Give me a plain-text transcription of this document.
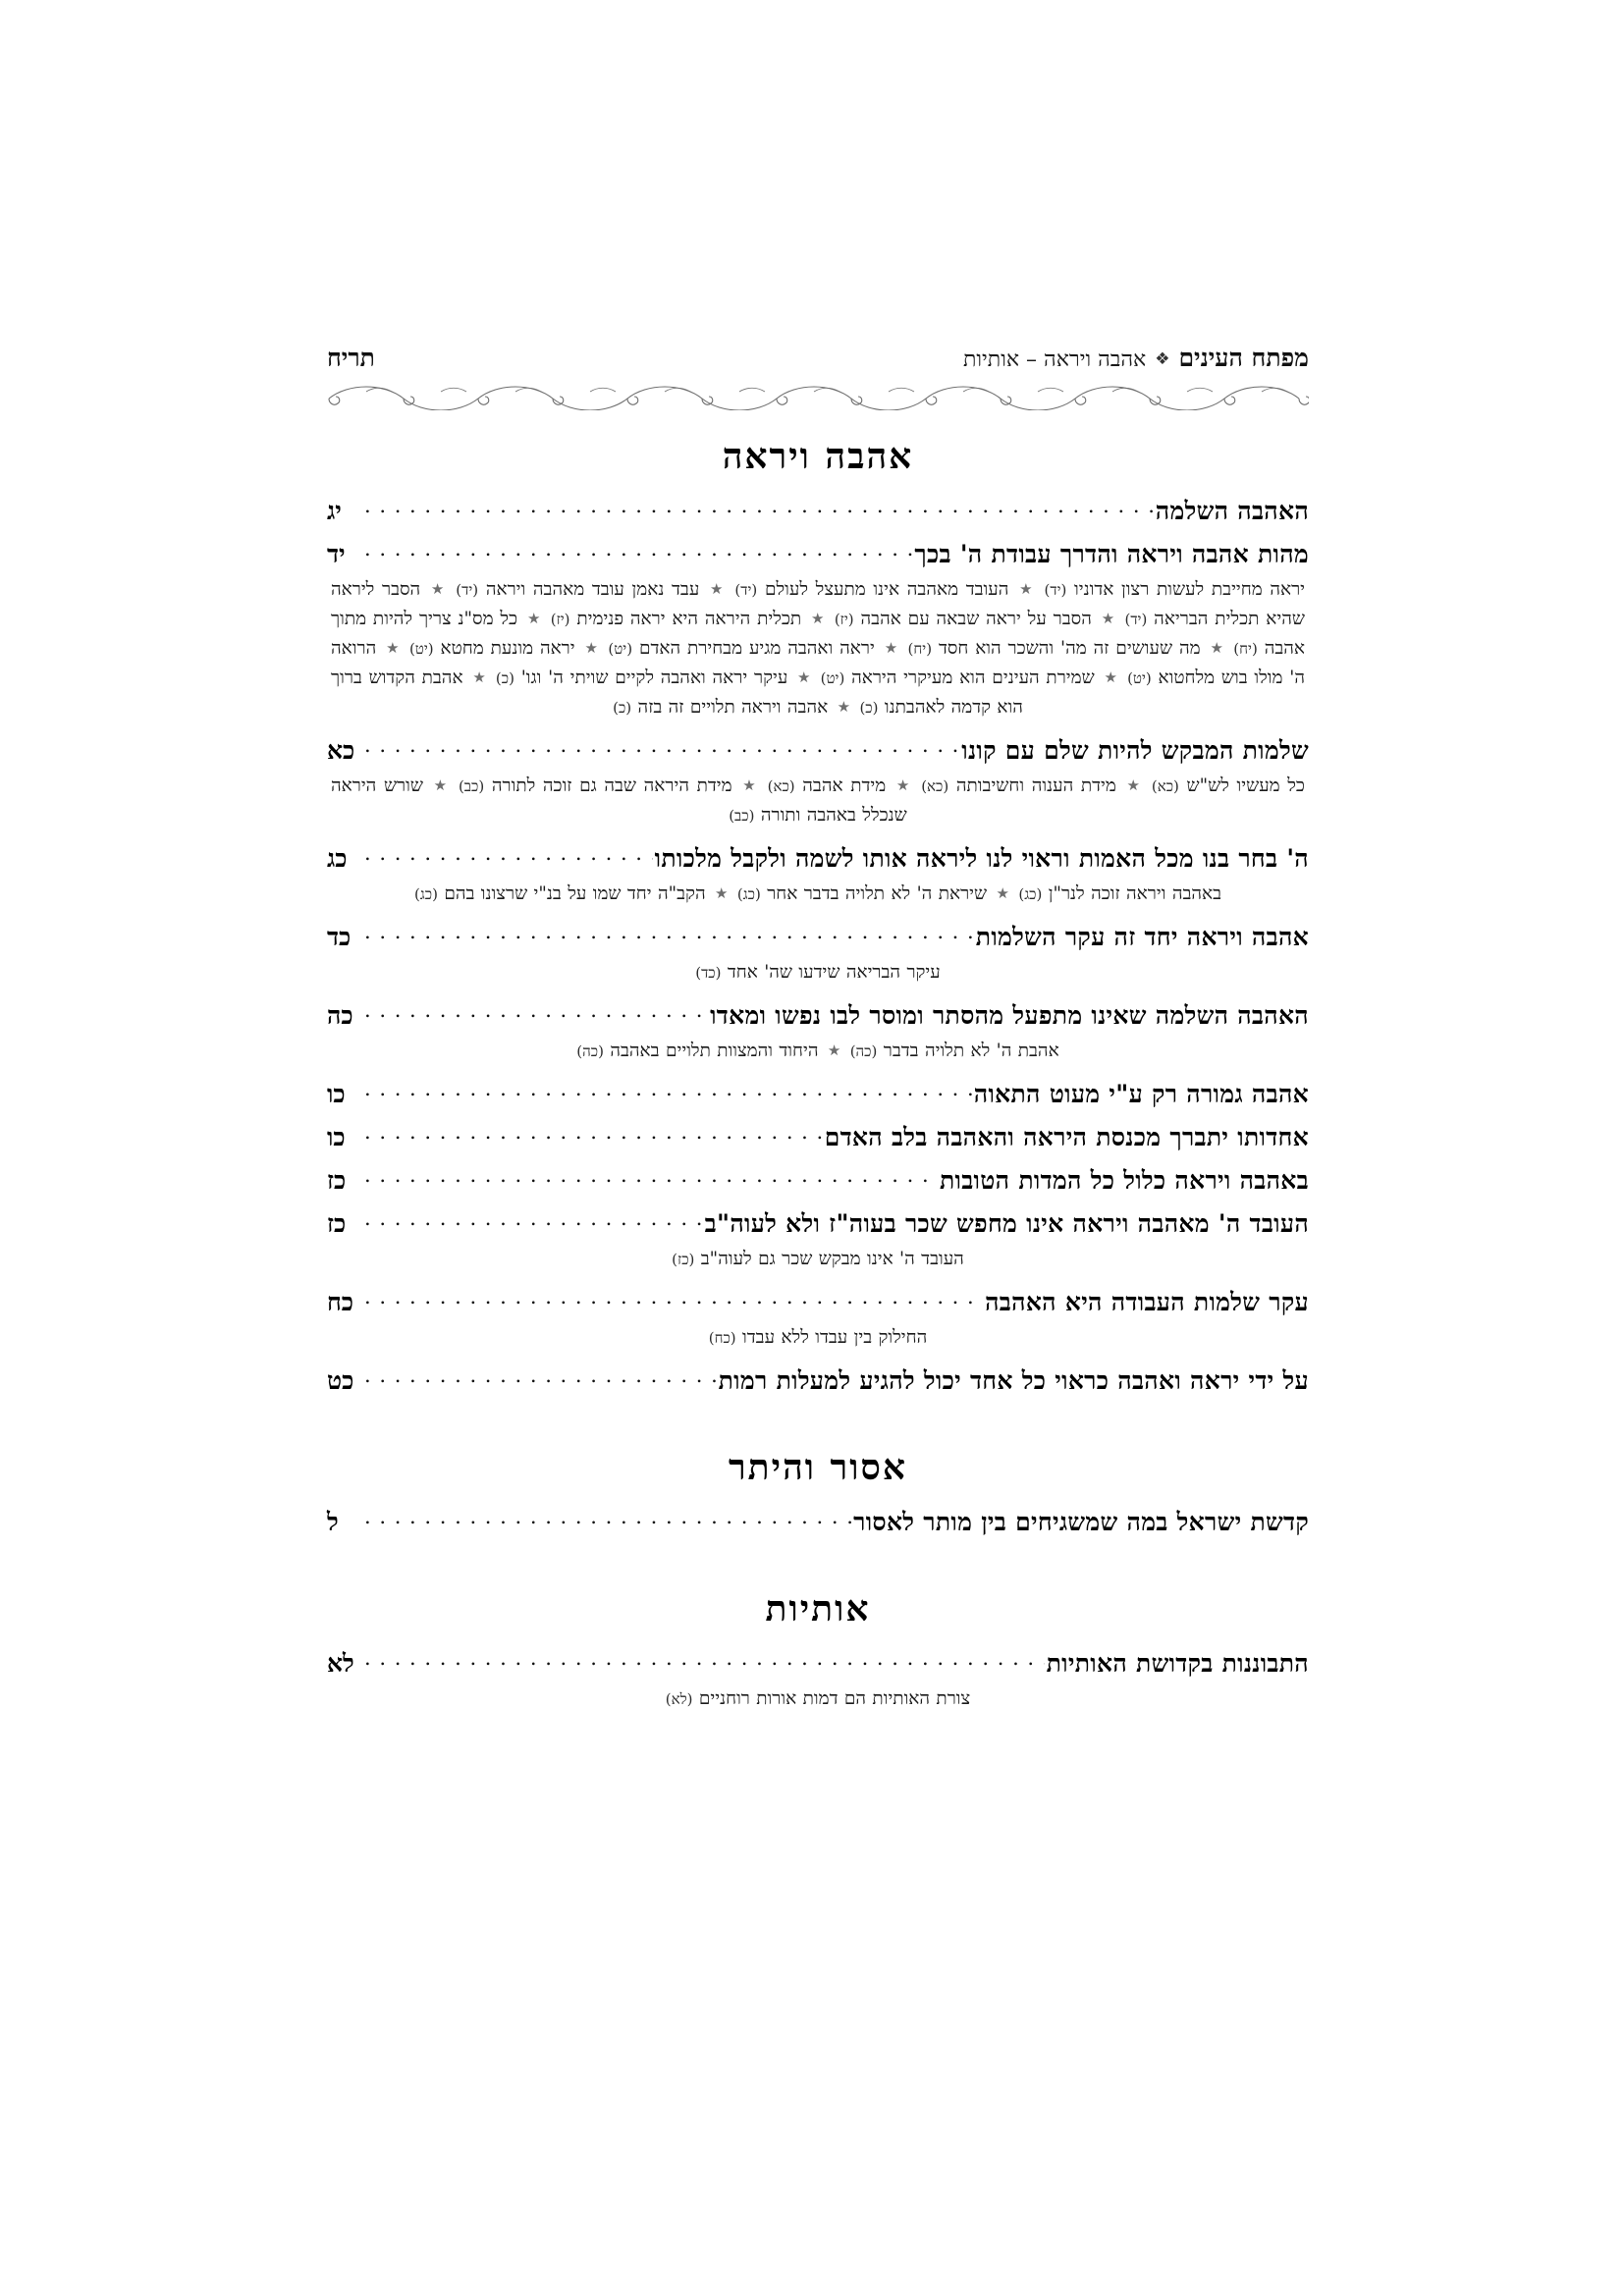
מפתח העינים
❖
אהבה ויראה – אותיות
תריח
אהבה ויראה
האהבה השלמה
. . .
יג
מהות אהבה ויראה והדרך עבודת ה' בכך
. . .
יד
יראה מחייבת לעשות רצון אדוניו (יד) ★ העובד מאהבה אינו מתעצל לעולם (יד) ★ עבד נאמן עובד מאהבה ויראה (יד) ★ הסבר ליראה שהיא תכלית הבריאה (יד) ★ הסבר על יראה שבאה עם אהבה (יז) ★ תכלית היראה היא יראה פנימית (יז) ★ כל מס"נ צריך להיות מתוך אהבה (יח) ★ מה שעושים זה מה' והשכר הוא חסד (יח) ★ יראה ואהבה מגיע מבחירת האדם (יט) ★ יראה מונעת מחטא (יט) ★ הרואה ה' מולו בוש מלחטוא (יט) ★ שמירת העינים הוא מעיקרי היראה (יט) ★ עיקר יראה ואהבה לקיים שויתי ה' וגו' (כ) ★ אהבת הקדוש ברוך הוא קדמה לאהבתנו (כ) ★ אהבה ויראה תלויים זה בזה (כ)
שלמות המבקש להיות שלם עם קונו
. . .
כא
כל מעשיו לש"ש (כא) ★ מידת הענוה וחשיבותה (כא) ★ מידת אהבה (כא) ★ מידת היראה שבה גם זוכה לתורה (כב) ★ שורש היראה שנכלל באהבה ותורה (כב)
ה' בחר בנו מכל האמות וראוי לנו ליראה אותו לשמה ולקבל מלכותו
. . .
כג
באהבה ויראה זוכה לנר"ן (כג) ★ שיראת ה' לא תלויה בדבר אחר (כג) ★ הקב"ה יחד שמו על בנ"י שרצונו בהם (כג)
אהבה ויראה יחד זה עקר השלמות
. . .
כד
עיקר הבריאה שידעו שה' אחד (כד)
האהבה השלמה שאינו מתפעל מהסתר ומוסר לבו נפשו ומאדו
. . .
כה
אהבת ה' לא תלויה בדבר (כה) ★ היחוד והמצוות תלויים באהבה (כה)
אהבה גמורה רק ע"י מעוט התאוה
. . .
כו
אחדותו יתברך מכנסת היראה והאהבה בלב האדם
. . .
כו
באהבה ויראה כלול כל המדות הטובות
. . .
כז
העובד ה' מאהבה ויראה אינו מחפש שכר בעוה"ז ולא לעוה"ב
. . .
כז
העובד ה' אינו מבקש שכר גם לעוה"ב (כז)
עקר שלמות העבודה היא האהבה
. . .
כח
החילוק בין עבדו ללא עבדו (כח)
על ידי יראה ואהבה כראוי כל אחד יכול להגיע למעלות רמות
. . .
כט
אסור והיתר
קדשת ישראל במה שמשגיחים בין מותר לאסור
. . .
ל
אותיות
התבוננות בקדושת האותיות
. . .
לא
צורת האותיות הם דמות אורות רוחניים (לא)
